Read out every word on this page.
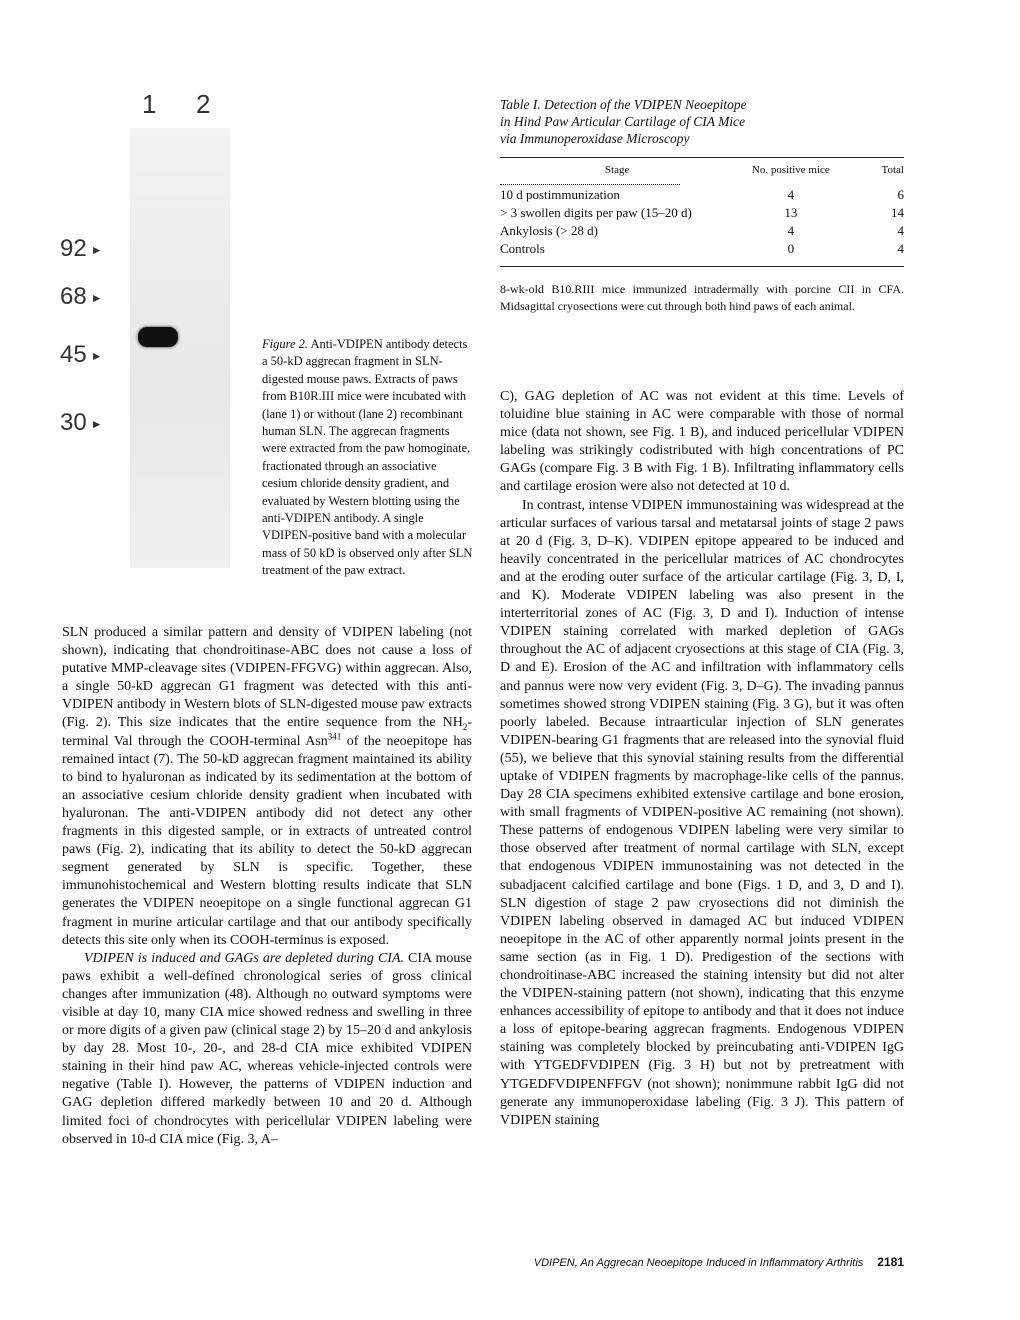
1 2
92 ►
68 ►
45 ►
30 ►
Figure 2. Anti-VDIPEN antibody detects a 50-kD aggrecan fragment in SLN-digested mouse paws. Extracts of paws from B10R.III mice were incubated with (lane 1) or without (lane 2) recombinant human SLN. The aggrecan fragments were extracted from the paw homoginate, fractionated through an associative cesium chloride density gradient, and evaluated by Western blotting using the anti-VDIPEN antibody. A single VDIPEN-positive band with a molecular mass of 50 kD is observed only after SLN treatment of the paw extract.
Table I. Detection of the VDIPEN Neoepitope
in Hind Paw Articular Cartilage of CIA Mice
via Immunoperoxidase Microscopy
Stage	No. positive mice	Total

10 d postimmunization	4	6
> 3 swollen digits per paw (15–20 d)	13	14
Ankylosis (> 28 d)	4	4
Controls	0	4
8-wk-old B10.RIII mice immunized intradermally with porcine CII in CFA. Midsagittal cryosections were cut through both hind paws of each animal.

SLN produced a similar pattern and density of VDIPEN labeling (not shown), indicating that chondroitinase-ABC does not cause a loss of putative MMP-cleavage sites (VDIPEN-FFGVG) within aggrecan. Also, a single 50-kD aggrecan G1 fragment was detected with this anti-VDIPEN antibody in Western blots of SLN-digested mouse paw extracts (Fig. 2). This size indicates that the entire sequence from the $NH_2$-terminal Val through the COOH-terminal Asn$^{341}$ of the neoepitope has remained intact (7). The 50-kD aggrecan fragment maintained its ability to bind to hyaluronan as indicated by its sedimentation at the bottom of an associative cesium chloride density gradient when incubated with hyaluronan. The anti-VDIPEN antibody did not detect any other fragments in this digested sample, or in extracts of untreated control paws (Fig. 2), indicating that its ability to detect the 50-kD aggrecan segment generated by SLN is specific. Together, these immunohistochemical and Western blotting results indicate that SLN generates the VDIPEN neoepitope on a single functional aggrecan G1 fragment in murine articular cartilage and that our antibody specifically detects this site only when its COOH-terminus is exposed.

VDIPEN is induced and GAGs are depleted during CIA. CIA mouse paws exhibit a well-defined chronological series of gross clinical changes after immunization (48). Although no outward symptoms were visible at day 10, many CIA mice showed redness and swelling in three or more digits of a given paw (clinical stage 2) by 15–20 d and ankylosis by day 28. Most 10-, 20-, and 28-d CIA mice exhibited VDIPEN staining in their hind paw AC, whereas vehicle-injected controls were negative (Table I). However, the patterns of VDIPEN induction and GAG depletion differed markedly between 10 and 20 d. Although limited foci of chondrocytes with pericellular VDIPEN labeling were observed in 10-d CIA mice (Fig. 3, A–

C), GAG depletion of AC was not evident at this time. Levels of toluidine blue staining in AC were comparable with those of normal mice (data not shown, see Fig. 1 B), and induced pericellular VDIPEN labeling was strikingly codistributed with high concentrations of PC GAGs (compare Fig. 3 B with Fig. 1 B). Infiltrating inflammatory cells and cartilage erosion were also not detected at 10 d.

In contrast, intense VDIPEN immunostaining was widespread at the articular surfaces of various tarsal and metatarsal joints of stage 2 paws at 20 d (Fig. 3, D–K). VDIPEN epitope appeared to be induced and heavily concentrated in the pericellular matrices of AC chondrocytes and at the eroding outer surface of the articular cartilage (Fig. 3, D, I, and K). Moderate VDIPEN labeling was also present in the interterritorial zones of AC (Fig. 3, D and I). Induction of intense VDIPEN staining correlated with marked depletion of GAGs throughout the AC of adjacent cryosections at this stage of CIA (Fig. 3, D and E). Erosion of the AC and infiltration with inflammatory cells and pannus were now very evident (Fig. 3, D–G). The invading pannus sometimes showed strong VDIPEN staining (Fig. 3 G), but it was often poorly labeled. Because intraarticular injection of SLN generates VDIPEN-bearing G1 fragments that are released into the synovial fluid (55), we believe that this synovial staining results from the differential uptake of VDIPEN fragments by macrophage-like cells of the pannus. Day 28 CIA specimens exhibited extensive cartilage and bone erosion, with small fragments of VDIPEN-positive AC remaining (not shown). These patterns of endogenous VDIPEN labeling were very similar to those observed after treatment of normal cartilage with SLN, except that endogenous VDIPEN immunostaining was not detected in the subadjacent calcified cartilage and bone (Figs. 1 D, and 3, D and I). SLN digestion of stage 2 paw cryosections did not diminish the VDIPEN labeling observed in damaged AC but induced VDIPEN neoepitope in the AC of other apparently normal joints present in the same section (as in Fig. 1 D). Predigestion of the sections with chondroitinase-ABC increased the staining intensity but did not alter the VDIPEN-staining pattern (not shown), indicating that this enzyme enhances accessibility of epitope to antibody and that it does not induce a loss of epitope-bearing aggrecan fragments. Endogenous VDIPEN staining was completely blocked by preincubating anti-VDIPEN IgG with YTGEDFVDIPEN (Fig. 3 H) but not by pretreatment with YTGEDFVDIPENFFGV (not shown); nonimmune rabbit IgG did not generate any immunoperoxidase labeling (Fig. 3 J). This pattern of VDIPEN staining

VDIPEN, An Aggrecan Neoepitope Induced in Inflammatory Arthritis 2181
